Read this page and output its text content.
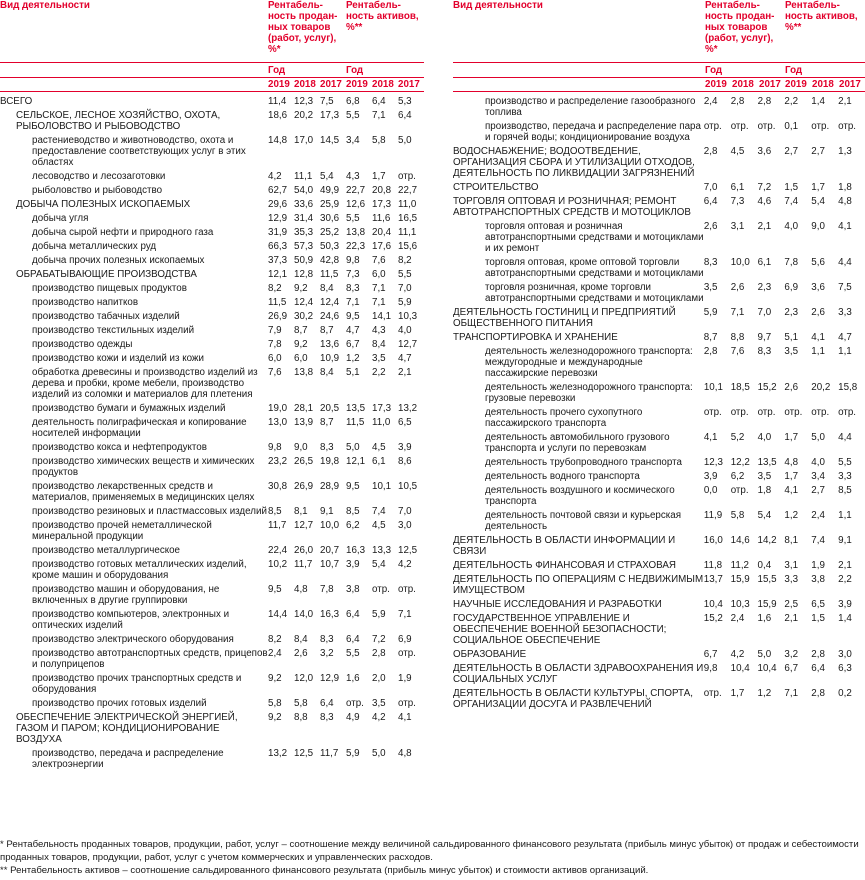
Вид деятельности	Рентабель-
ность продан-
ных товаров
(работ, услуг),
%*
Рентабель-
ность активов,
%**
Год	Год
2019 2018 2017 2019 2018 2017
ВСЕГО	11,4 12,3 7,5	6,8	6,4	5,3
СЕЛЬСКОЕ, ЛЕСНОЕ ХОЗЯЙСТВО, ОХОТА, РЫБОЛОВСТВО И РЫБОВОДСТВО
18,6 20,2 17,3 5,5	7,1	6,4
растениеводство и животноводство, охота и предоставление соответствующих услуг в этих областях
14,8 17,0 14,5 3,4	5,8	5,0
лесоводство и лесозаготовки	4,2	11,1 5,4	4,3	1,7	отр.
рыболовство и рыбоводство	62,7 54,0 49,9 22,7 20,8 22,7
ДОБЫЧА ПОЛЕЗНЫХ ИСКОПАЕМЫХ	29,6 33,6 25,9 12,6 17,3 11,0
добыча угля	12,9 31,4 30,6 5,5	11,6 16,5
добыча сырой нефти и природного газа	31,9 35,3 25,2 13,8 20,4 11,1
добыча металлических руд	66,3 57,3 50,3 22,3 17,6 15,6
добыча прочих полезных ископаемых	37,3 50,9 42,8 9,8	7,6	8,2
ОБРАБАТЫВАЮЩИЕ ПРОИЗВОДСТВА	12,1 12,8 11,5 7,3	6,0	5,5
производство пищевых продуктов	8,2	9,2	8,4	8,3	7,1	7,0
производство напитков	11,5 12,4 12,4 7,1	7,1	5,9
производство табачных изделий	26,9 30,2 24,6 9,5	14,1 10,3
производство текстильных изделий	7,9	8,7	8,7	4,7	4,3	4,0
производство одежды	7,8	9,2	13,6 6,7	8,4	12,7
производство кожи и изделий из кожи	6,0	6,0	10,9 1,2	3,5	4,7
обработка древесины и производство изделий из дерева и пробки, кроме мебели, производство изделий из соломки и материалов для плетения
7,6	13,8 8,4	5,1	2,2	2,1
производство бумаги и бумажных изделий	19,0 28,1 20,5 13,5 17,3 13,2
деятельность полиграфическая и копирование носителей информации
13,0 13,9 8,7	11,5 11,0 6,5
производство кокса и нефтепродуктов	9,8	9,0	8,3	5,0	4,5	3,9
производство химических веществ и химических продуктов
23,2 26,5 19,8 12,1 6,1	8,6
производство лекарственных средств и материалов, применяемых в медицинских целях
30,8 26,9 28,9 9,5	10,1 10,5
производство резиновых и пластмассовых изделий 8,5	8,1	9,1	8,5	7,4	7,0
производство прочей неметаллической минеральной продукции
11,7 12,7 10,0 6,2	4,5	3,0
производство металлургическое	22,4 26,0 20,7 16,3 13,3 12,5
производство готовых металлических изделий, кроме машин и оборудования
10,2 11,7 10,7 3,9	5,4	4,2
производство машин и оборудования, не включенных в другие группировки
9,5	4,8	7,8	3,8	отр. отр.
производство компьютеров, электронных и оптических изделий
14,4 14,0 16,3 6,4	5,9	7,1
производство электрического оборудования	8,2	8,4	8,3	6,4	7,2	6,9
производство автотранспортных средств, прицепов и полуприцепов
2,4	2,6	3,2	5,5	2,8	отр.
производство прочих транспортных средств и оборудования
9,2	12,0 12,9 1,6	2,0	1,9
производство прочих готовых изделий	5,8	5,8	6,4	отр. 3,5	отр.
ОБЕСПЕЧЕНИЕ ЭЛЕКТРИЧЕСКОЙ ЭНЕРГИЕЙ, ГАЗОМ И ПАРОМ; КОНДИЦИОНИРОВАНИЕ ВОЗДУХА
9,2	8,8	8,3	4,9	4,2	4,1
производство, передача и распределение электроэнергии
13,2 12,5 11,7 5,9	5,0	4,8
Вид деятельности	Рентабель-
ность продан-
ных товаров
(работ, услуг),
%*
Рентабель-
ность активов,
%**
Год	Год
2019 2018 2017 2019 2018 2017
производство и распределение газообразного топлива
2,4	2,8	2,8	2,2	1,4	2,1
производство, передача и распределение пара и горячей воды; кондиционирование воздуха
отр. отр. отр. 0,1	отр. отр.
ВОДОСНАБЖЕНИЕ; ВОДООТВЕДЕНИЕ, ОРГАНИЗАЦИЯ СБОРА И УТИЛИЗАЦИИ ОТХОДОВ, ДЕЯТЕЛЬНОСТЬ ПО ЛИКВИДАЦИИ ЗАГРЯЗНЕНИЙ
2,8	4,5	3,6	2,7	2,7	1,3
СТРОИТЕЛЬСТВО	7,0	6,1	7,2	1,5	1,7	1,8
ТОРГОВЛЯ ОПТОВАЯ И РОЗНИЧНАЯ; РЕМОНТ АВТОТРАНСПОРТНЫХ СРЕДСТВ И МОТОЦИКЛОВ
6,4	7,3	4,6	7,4	5,4	4,8
торговля оптовая и розничная автотранспортными средствами и мотоциклами и их ремонт
2,6	3,1	2,1	4,0	9,0	4,1
торговля оптовая, кроме оптовой торговли автотранспортными средствами и мотоциклами
8,3	10,0 6,1	7,8	5,6	4,4
торговля розничная, кроме торговли автотранспортными средствами и мотоциклами
3,5	2,6	2,3	6,9	3,6	7,5
ДЕЯТЕЛЬНОСТЬ ГОСТИНИЦ И ПРЕДПРИЯТИЙ ОБЩЕСТВЕННОГО ПИТАНИЯ
5,9	7,1	7,0	2,3	2,6	3,3
ТРАНСПОРТИРОВКА И ХРАНЕНИЕ	8,7	8,8	9,7	5,1	4,1	4,7
деятельность железнодорожного транспорта: междугородные и международные пассажирские перевозки
2,8	7,6	8,3	3,5	1,1	1,1
деятельность железнодорожного транспорта: грузовые перевозки
10,1 18,5 15,2 2,6	20,2 15,8
деятельность прочего сухопутного пассажирского транспорта
отр. отр. отр. отр. отр. отр.
деятельность автомобильного грузового транспорта и услуги по перевозкам
4,1	5,2	4,0	1,7	5,0	4,4
деятельность трубопроводного транспорта	12,3 12,2 13,5 4,8	4,0	5,5
деятельность водного транспорта	3,9	6,2	3,5	1,7	3,4	3,3
деятельность воздушного и космического транспорта
0,0	отр. 1,8	4,1	2,7	8,5
деятельность почтовой связи и курьерская деятельность
11,9 5,8	5,4	1,2	2,4	1,1
ДЕЯТЕЛЬНОСТЬ В ОБЛАСТИ ИНФОРМАЦИИ И СВЯЗИ
16,0 14,6 14,2 8,1	7,4	9,1
ДЕЯТЕЛЬНОСТЬ ФИНАНСОВАЯ И СТРАХОВАЯ	11,8 11,2 0,4	3,1	1,9	2,1
ДЕЯТЕЛЬНОСТЬ ПО ОПЕРАЦИЯМ С НЕДВИЖИМЫМ ИМУЩЕСТВОМ
13,7 15,9 15,5 3,3	3,8	2,2
НАУЧНЫЕ ИССЛЕДОВАНИЯ И РАЗРАБОТКИ	10,4 10,3 15,9 2,5	6,5	3,9
ГОСУДАРСТВЕННОЕ УПРАВЛЕНИЕ И ОБЕСПЕЧЕНИЕ ВОЕННОЙ БЕЗОПАСНОСТИ; СОЦИАЛЬНОЕ ОБЕСПЕЧЕНИЕ
15,2 2,4	1,6	2,1	1,5	1,4
ОБРАЗОВАНИЕ	6,7	4,2	5,0	3,2	2,8	3,0
ДЕЯТЕЛЬНОСТЬ В ОБЛАСТИ ЗДРАВООХРАНЕНИЯ И СОЦИАЛЬНЫХ УСЛУГ
9,8	10,4 10,4 6,7	6,4	6,3
ДЕЯТЕЛЬНОСТЬ В ОБЛАСТИ КУЛЬТУРЫ, СПОРТА, ОРГАНИЗАЦИИ ДОСУГА И РАЗВЛЕЧЕНИЙ
отр. 1,7	1,2	7,1	2,8	0,2
* Рентабельность проданных товаров, продукции, работ, услуг – соотношение между величиной сальдированного финансового результата (прибыль минус убыток) от продаж и себестоимости проданных товаров, продукции, работ, услуг с учетом коммерческих и управленческих расходов.
** Рентабельность активов – соотношение сальдированного финансового результата (прибыль минус убыток) и стоимости активов организаций.
